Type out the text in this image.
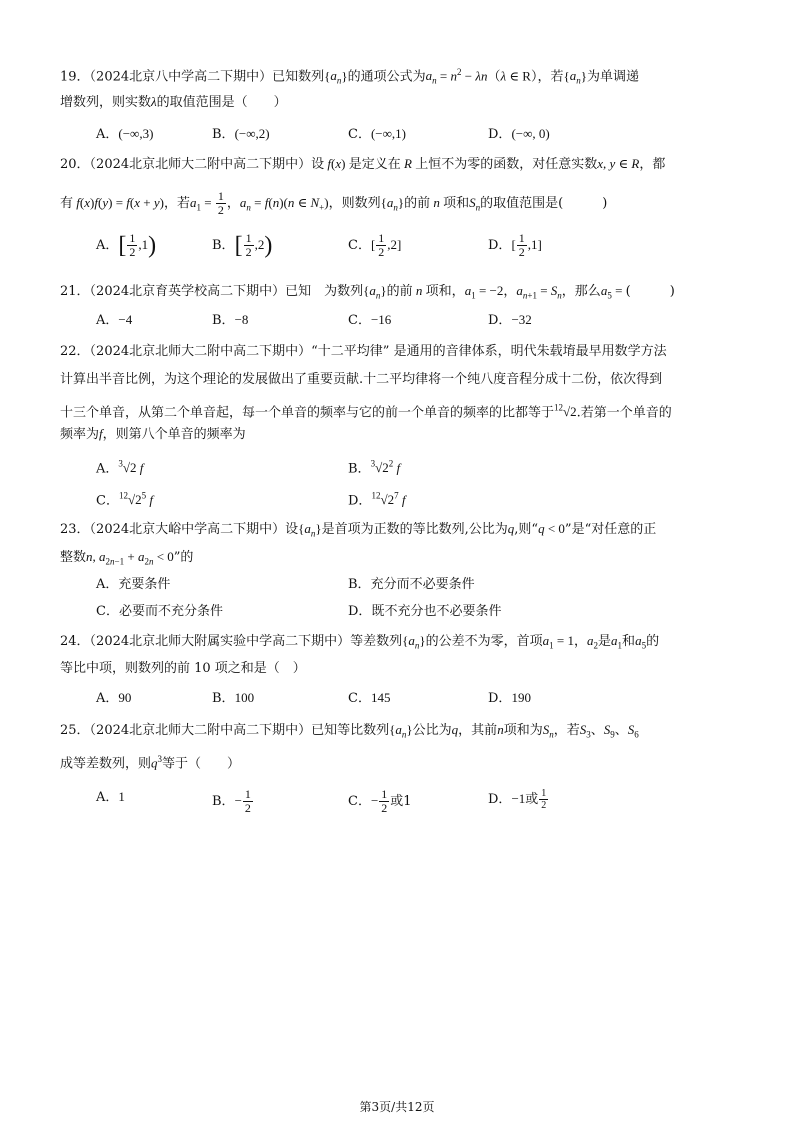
19．（2024北京八中学高二下期中）已知数列$\{a_n\}$的通项公式为$a_n = n^2 - \lambda n(\lambda$ ∈ R），若$\{a_n\}$为单调递
增数列，则实数λ的取值范围是（　　）
A．(−∞,3)	B．(−∞,2)	C．(−∞,1)	D．(−∞, 0)
20．（2024北京北师大二附中高二下期中）设 f(x) 是定义在 R 上恒不为零的函数，对任意实数x, y ∈ R，都
有 f(x)f(y) = f(x + y)，若$a_1 = \frac{1}{2}$ ，$a_n = f(n)(n$ ∈ $N_+$)，则数列$\{a_n\}$的前 n 项和$S_n$的取值范围是(　　　)
A．[ $\frac{1}{2} ,1$)	B．[ $\frac{1}{2} ,2$)	C．[ $\frac{1}{2} ,2$]	D．[ $\frac{1}{2} ,1$]
21．（2024北京育英学校高二下期中）已知　为数列$\{a_n\}$的前 n 项和，$a_1 = -2$，$a_{n+1} = S_n$，那么$a_5$ = (　　　)
A．−4	B．−8	C．−16	D．−32
22．（2024北京北师大二附中高二下期中）“十二平均律” 是通用的音律体系，明代朱载堉最早用数学方法
计算出半音比例，为这个理论的发展做出了重要贡献.十二平均律将一个纯八度音程分成十二份，依次得到
十三个单音，从第二个单音起，每一个单音的频率与它的前一个单音的频率的比都等于$^{12}$√2.若第一个单音的
频率为f，则第八个单音的频率为
A．$^3$√2 f	B．$^3√2^2$ f
C．$^{12}√2^5$ f	D．$^{12}√2^7$ f
23．（2024北京大峪中学高二下期中）设$\{a_n\}$是首项为正数的等比数列,公比为q,则“q < 0”是“对任意的正
整数n, $a_{2n-1} + a_{2n} < 0$”的
A．充要条件	B．充分而不必要条件
C．必要而不充分条件	D．既不充分也不必要条件
24．（2024北京北师大附属实验中学高二下期中）等差数列$\{a_n\}$的公差不为零，首项$a_1 = 1$，$a_2$是$a_1$和$a_5$的
等比中项，则数列的前 10 项之和是（　）
A．90	B．100	C．145	D．190
25．（2024北京北师大二附中高二下期中）已知等比数列$\{a_n\}$公比为q，其前n项和为$S_n$，若$S_3$、$S_9$、$S_6$
成等差数列，则$q^3$等于（　　）
A．1	B．− $\frac{1}{2}$	C．− $\frac{1}{2}$ 或1	D．−1或 $\frac{1}{2}$
第3页/共12页
